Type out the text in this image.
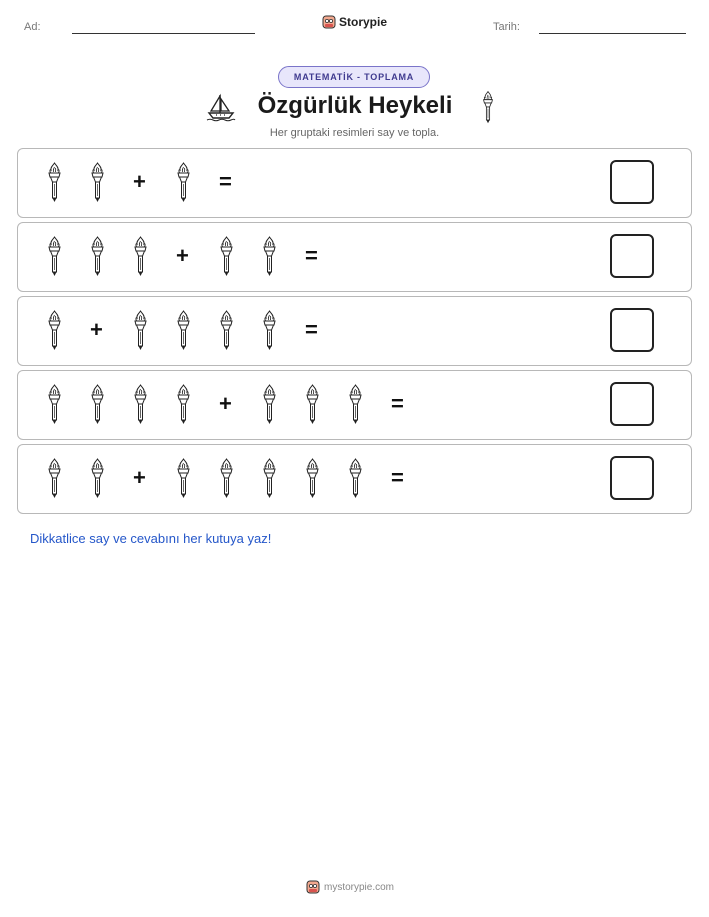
Ad:	Storypie	Tarih:
MATEMATİK - TOPLAMA
Özgürlük Heykeli
Her gruptaki resimleri say ve topla.
+	=
+	=
+	=
+	=
+	=
Dikkatlice say ve cevabını her kutuya yaz!
mystorypie.com
